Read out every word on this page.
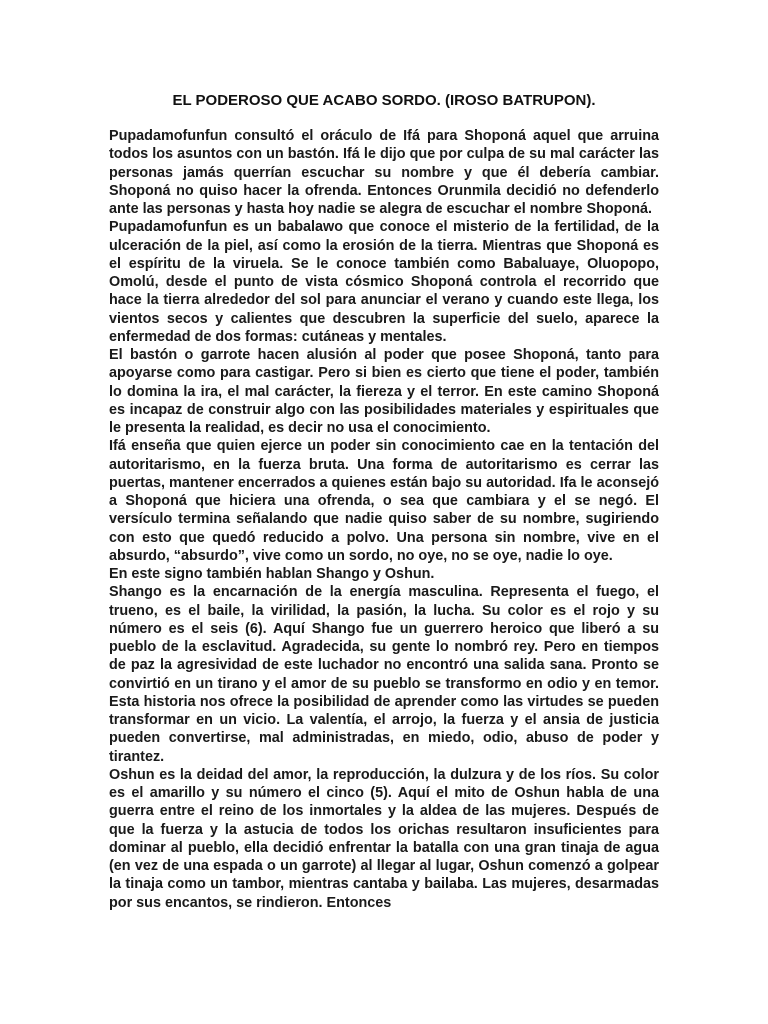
EL PODEROSO QUE ACABO SORDO. (IROSO BATRUPON).

Pupadamofunfun consultó el oráculo de Ifá para Shoponá aquel que arruina todos los asuntos con un bastón. Ifá le dijo que por culpa de su mal carácter las personas jamás querrían escuchar su nombre y que él debería cambiar. Shoponá no quiso hacer la ofrenda. Entonces Orunmila decidió no defenderlo ante las personas y hasta hoy nadie se alegra de escuchar el nombre Shoponá.

Pupadamofunfun es un babalawo que conoce el misterio de la fertilidad, de la ulceración de la piel, así como la erosión de la tierra. Mientras que Shoponá es el espíritu de la viruela. Se le conoce también como Babaluaye, Oluopopo, Omolú, desde el punto de vista cósmico Shoponá controla el recorrido que hace la tierra alrededor del sol para anunciar el verano y cuando este llega, los vientos secos y calientes que descubren la superficie del suelo, aparece la enfermedad de dos formas: cutáneas y mentales.

El bastón o garrote hacen alusión al poder que posee Shoponá, tanto para apoyarse como para castigar. Pero si bien es cierto que tiene el poder, también lo domina la ira, el mal carácter, la fiereza y el terror. En este camino Shoponá es incapaz de construir algo con las posibilidades materiales y espirituales que le presenta la realidad, es decir no usa el conocimiento.

Ifá enseña que quien ejerce un poder sin conocimiento cae en la tentación del autoritarismo, en la fuerza bruta. Una forma de autoritarismo es cerrar las puertas, mantener encerrados a quienes están bajo su autoridad. Ifa le aconsejó a Shoponá que hiciera una ofrenda, o sea que cambiara y el se negó. El versículo termina señalando que nadie quiso saber de su nombre, sugiriendo con esto que quedó reducido a polvo. Una persona sin nombre, vive en el absurdo, “absurdo”, vive como un sordo, no oye, no se oye, nadie lo oye.

En este signo también hablan Shango y Oshun.

Shango es la encarnación de la energía masculina. Representa el fuego, el trueno, es el baile, la virilidad, la pasión, la lucha. Su color es el rojo y su número es el seis (6). Aquí Shango fue un guerrero heroico que liberó a su pueblo de la esclavitud. Agradecida, su gente lo nombró rey. Pero en tiempos de paz la agresividad de este luchador no encontró una salida sana. Pronto se convirtió en un tirano y el amor de su pueblo se transformo en odio y en temor. Esta historia nos ofrece la posibilidad de aprender como las virtudes se pueden transformar en un vicio. La valentía, el arrojo, la fuerza y el ansia de justicia pueden convertirse, mal administradas, en miedo, odio, abuso de poder y tirantez.

Oshun es la deidad del amor, la reproducción, la dulzura y de los ríos. Su color es el amarillo y su número el cinco (5). Aquí el mito de Oshun habla de una guerra entre el reino de los inmortales y la aldea de las mujeres. Después de que la fuerza y la astucia de todos los orichas resultaron insuficientes para dominar al pueblo, ella decidió enfrentar la batalla con una gran tinaja de agua (en vez de una espada o un garrote) al llegar al lugar, Oshun comenzó a golpear la tinaja como un tambor, mientras cantaba y bailaba. Las mujeres, desarmadas por sus encantos, se rindieron. Entonces
